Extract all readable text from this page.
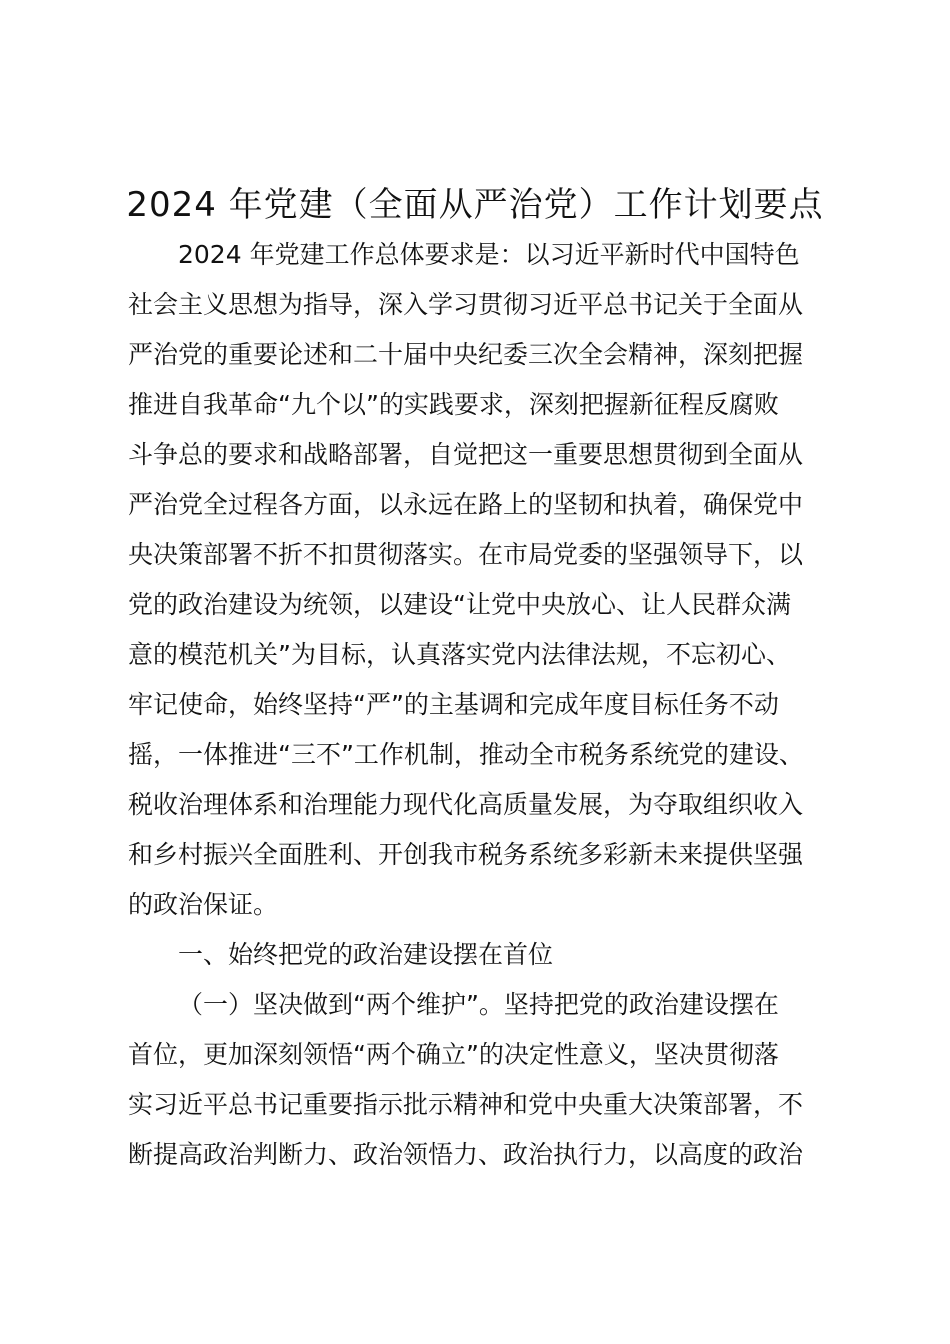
2024 年党建（全面从严治党）工作计划要点
2024 年党建工作总体要求是：以习近平新时代中国特色
社会主义思想为指导，深入学习贯彻习近平总书记关于全面从
严治党的重要论述和二十届中央纪委三次全会精神，深刻把握
推进自我革命“九个以”的实践要求，深刻把握新征程反腐败
斗争总的要求和战略部署，自觉把这一重要思想贯彻到全面从
严治党全过程各方面，以永远在路上的坚韧和执着，确保党中
央决策部署不折不扣贯彻落实。在市局党委的坚强领导下，以
党的政治建设为统领，以建设“让党中央放心、让人民群众满
意的模范机关”为目标，认真落实党内法律法规，不忘初心、
牢记使命，始终坚持“严”的主基调和完成年度目标任务不动
摇，一体推进“三不”工作机制，推动全市税务系统党的建设、
税收治理体系和治理能力现代化高质量发展，为夺取组织收入
和乡村振兴全面胜利、开创我市税务系统多彩新未来提供坚强
的政治保证。
一、始终把党的政治建设摆在首位
（一）坚决做到“两个维护”。坚持把党的政治建设摆在
首位，更加深刻领悟“两个确立”的决定性意义，坚决贯彻落
实习近平总书记重要指示批示精神和党中央重大决策部署，不
断提高政治判断力、政治领悟力、政治执行力，以高度的政治
